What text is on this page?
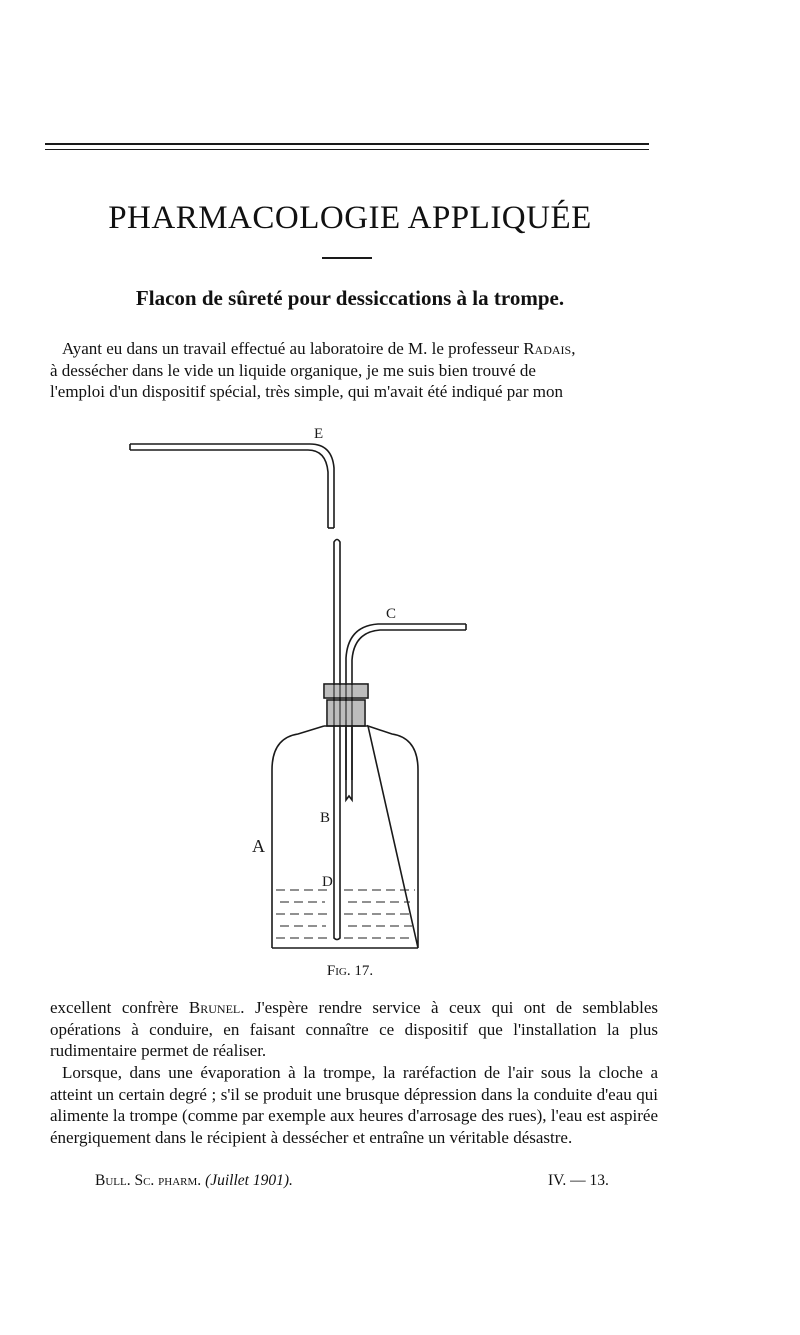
PHARMACOLOGIE APPLIQUÉE
Flacon de sûreté pour dessiccations à la trompe.

Ayant eu dans un travail effectué au laboratoire de M. le professeur Radais,
à dessécher dans le vide un liquide organique, je me suis bien trouvé de
l'emploi d'un dispositif spécial, très simple, qui m'avait été indiqué par mon

E
C
B
A
D
Fig. 17.

excellent confrère Brunel. J'espère rendre service à ceux qui ont de semblables opérations à conduire, en faisant connaître ce dispositif que l'installation la plus rudimentaire permet de réaliser.

Lorsque, dans une évaporation à la trompe, la raréfaction de l'air sous la cloche a atteint un certain degré ; s'il se produit une brusque dépression dans la conduite d'eau qui alimente la trompe (comme par exemple aux heures d'arrosage des rues), l'eau est aspirée énergiquement dans le récipient à dessécher et entraîne un véritable désastre.

Bull. Sc. pharm. (Juillet 1901).	IV. — 13.
